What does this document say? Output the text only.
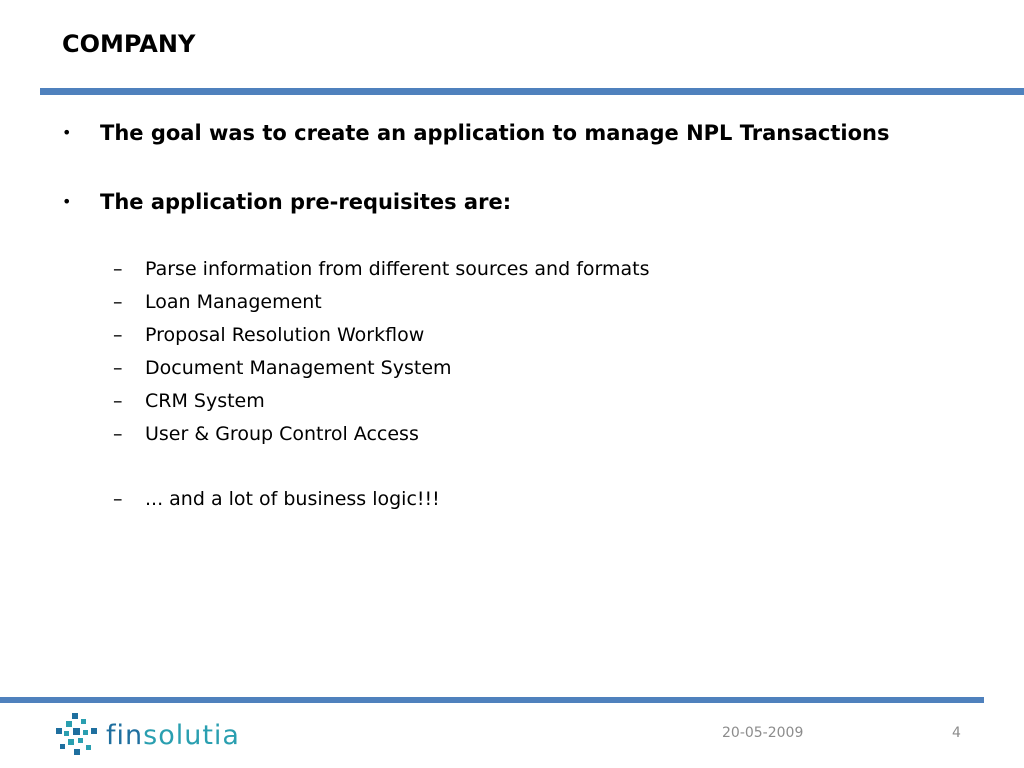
COMPANY
•	The goal was to create an application to manage NPL Transactions
•	The application pre-requisites are:
–	Parse information from different sources and formats
–	Loan Management
–	Proposal Resolution Workflow
–	Document Management System
–	CRM System
–	User & Group Control Access
–	... and a lot of business logic!!!
finsolutia	20-05-2009	4
